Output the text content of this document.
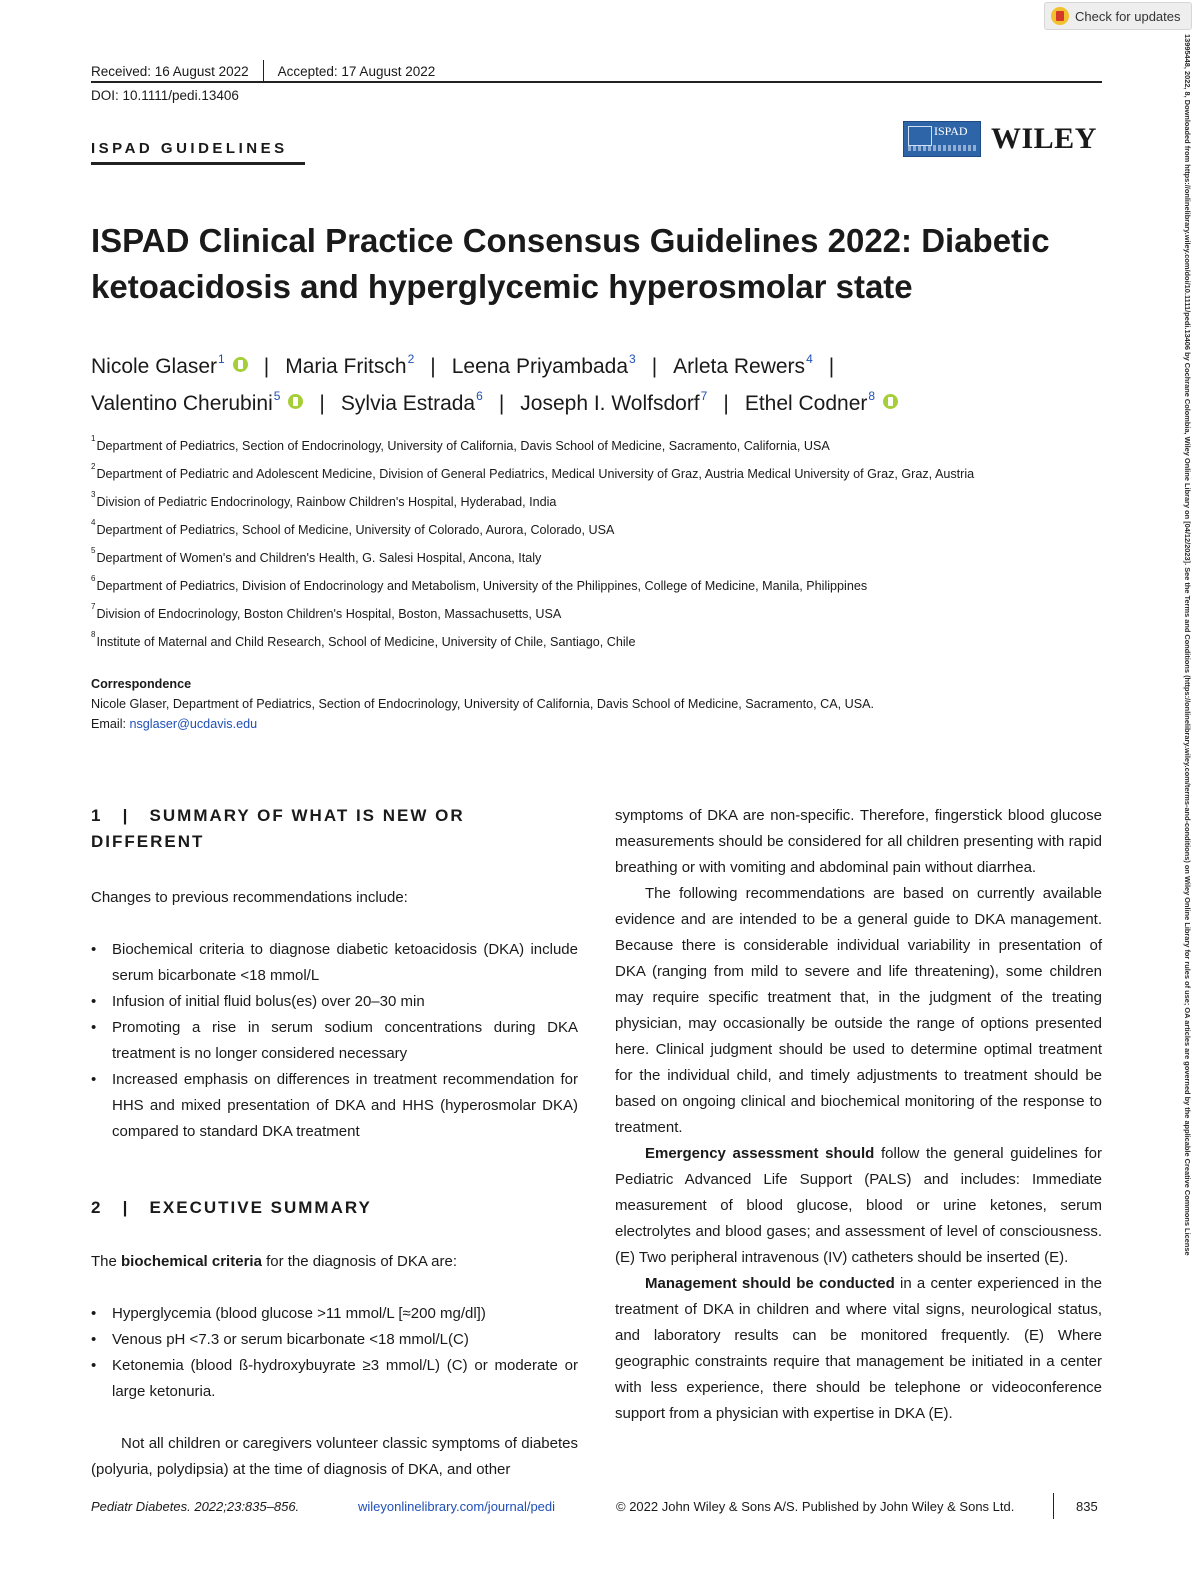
Check for updates
13995448, 2022, 8, Downloaded from https://onlinelibrary.wiley.com/doi/10.1111/pedi.13406 by Cochrane Colombia, Wiley Online Library on [04/12/2023]. See the Terms and Conditions (https://onlinelibrary.wiley.com/terms-and-conditions) on Wiley Online Library for rules of use; OA articles are governed by the applicable Creative Commons License
Received: 16 August 2022 Accepted: 17 August 2022
DOI: 10.1111/pedi.13406
ISPAD GUIDELINES
ISPAD WILEY
ISPAD Clinical Practice Consensus Guidelines 2022: Diabetic ketoacidosis and hyperglycemic hyperosmolar state
Nicole Glaser$^1$ | Maria Fritsch$^2$ | Leena Priyambada$^3$ | Arleta Rewers$^4$ |
Valentino Cherubini$^5$ | Sylvia Estrada$^6$ | Joseph I. Wolfsdorf$^7$ | Ethel Codner$^8$
$^1$Department of Pediatrics, Section of Endocrinology, University of California, Davis School of Medicine, Sacramento, California, USA
$^2$Department of Pediatric and Adolescent Medicine, Division of General Pediatrics, Medical University of Graz, Austria Medical University of Graz, Graz, Austria
$^3$Division of Pediatric Endocrinology, Rainbow Children's Hospital, Hyderabad, India
$^4$Department of Pediatrics, School of Medicine, University of Colorado, Aurora, Colorado, USA
$^5$Department of Women's and Children's Health, G. Salesi Hospital, Ancona, Italy
$^6$Department of Pediatrics, Division of Endocrinology and Metabolism, University of the Philippines, College of Medicine, Manila, Philippines
$^7$Division of Endocrinology, Boston Children's Hospital, Boston, Massachusetts, USA
$^8$Institute of Maternal and Child Research, School of Medicine, University of Chile, Santiago, Chile
Correspondence
Nicole Glaser, Department of Pediatrics, Section of Endocrinology, University of California, Davis School of Medicine, Sacramento, CA, USA.
Email: nsglaser@ucdavis.edu
1   |   SUMMARY OF WHAT IS NEW OR
DIFFERENT

Changes to previous recommendations include:

• Biochemical criteria to diagnose diabetic ketoacidosis (DKA) include serum bicarbonate <18 mmol/L
• Infusion of initial fluid bolus(es) over 20–30 min
• Promoting a rise in serum sodium concentrations during DKA treatment is no longer considered necessary
• Increased emphasis on differences in treatment recommendation for HHS and mixed presentation of DKA and HHS (hyperosmolar DKA) compared to standard DKA treatment
2   |   EXECUTIVE SUMMARY

The biochemical criteria for the diagnosis of DKA are:

• Hyperglycemia (blood glucose >11 mmol/L [≈200 mg/dl])
• Venous pH <7.3 or serum bicarbonate <18 mmol/L(C)
• Ketonemia (blood ß-hydroxybuyrate ≥3 mmol/L) (C) or moderate or large ketonuria.

Not all children or caregivers volunteer classic symptoms of diabetes (polyuria, polydipsia) at the time of diagnosis of DKA, and other

symptoms of DKA are non-specific. Therefore, fingerstick blood glucose measurements should be considered for all children presenting with rapid breathing or with vomiting and abdominal pain without diarrhea.

The following recommendations are based on currently available evidence and are intended to be a general guide to DKA management. Because there is considerable individual variability in presentation of DKA (ranging from mild to severe and life threatening), some children may require specific treatment that, in the judgment of the treating physician, may occasionally be outside the range of options presented here. Clinical judgment should be used to determine optimal treatment for the individual child, and timely adjustments to treatment should be based on ongoing clinical and biochemical monitoring of the response to treatment.

Emergency assessment should follow the general guidelines for Pediatric Advanced Life Support (PALS) and includes: Immediate measurement of blood glucose, blood or urine ketones, serum electrolytes and blood gases; and assessment of level of consciousness. (E) Two peripheral intravenous (IV) catheters should be inserted (E).

Management should be conducted in a center experienced in the treatment of DKA in children and where vital signs, neurological status, and laboratory results can be monitored frequently. (E) Where geographic constraints require that management be initiated in a center with less experience, there should be telephone or videoconference support from a physician with expertise in DKA (E).

Pediatr Diabetes. 2022;23:835–856.	wileyonlinelibrary.com/journal/pedi	© 2022 John Wiley & Sons A/S. Published by John Wiley & Sons Ltd.	835
